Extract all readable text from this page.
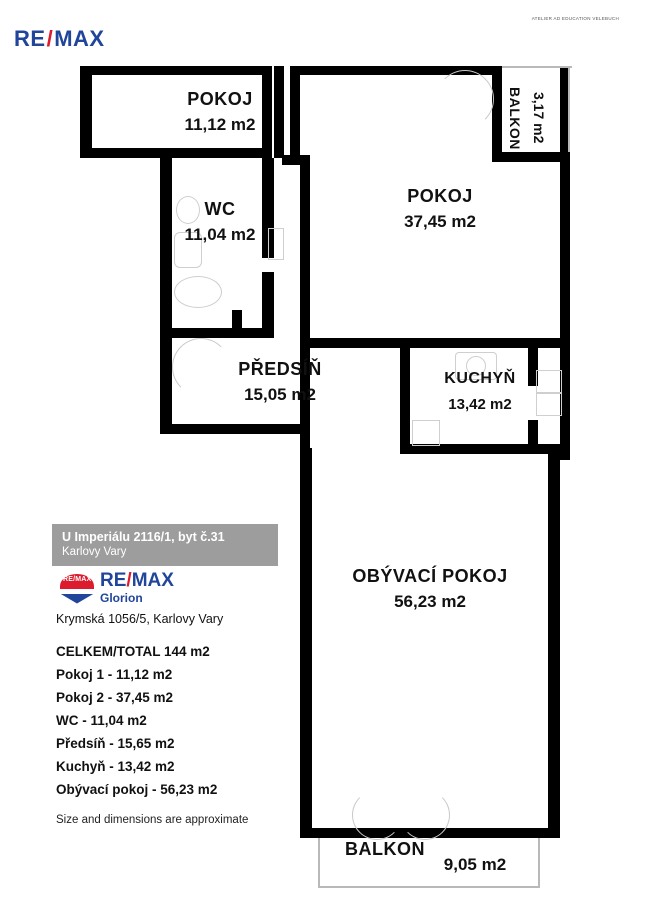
RE / MAX
ATELIER AD EDUCATION VELEBUCH
POKOJ
11,12 m2
WC
11,04 m2
POKOJ
37,45 m2
BALKON 3,17 m2
PŘEDSÍŇ
15,05 m2
KUCHYŇ
13,42 m2
OBÝVACÍ POKOJ
56,23 m2
BALKON
9,05 m2
U Imperiálu 2116/1, byt č.31
Karlovy Vary
RE/MAX RE/MAX
Glorion
Krymská 1056/5, Karlovy Vary
CELKEM/TOTAL 144 m2
Pokoj 1 - 11,12 m2
Pokoj 2 - 37,45 m2
WC - 11,04 m2
Předsíň - 15,65 m2
Kuchyň - 13,42 m2
Obývací pokoj - 56,23 m2
Size and dimensions are approximate
